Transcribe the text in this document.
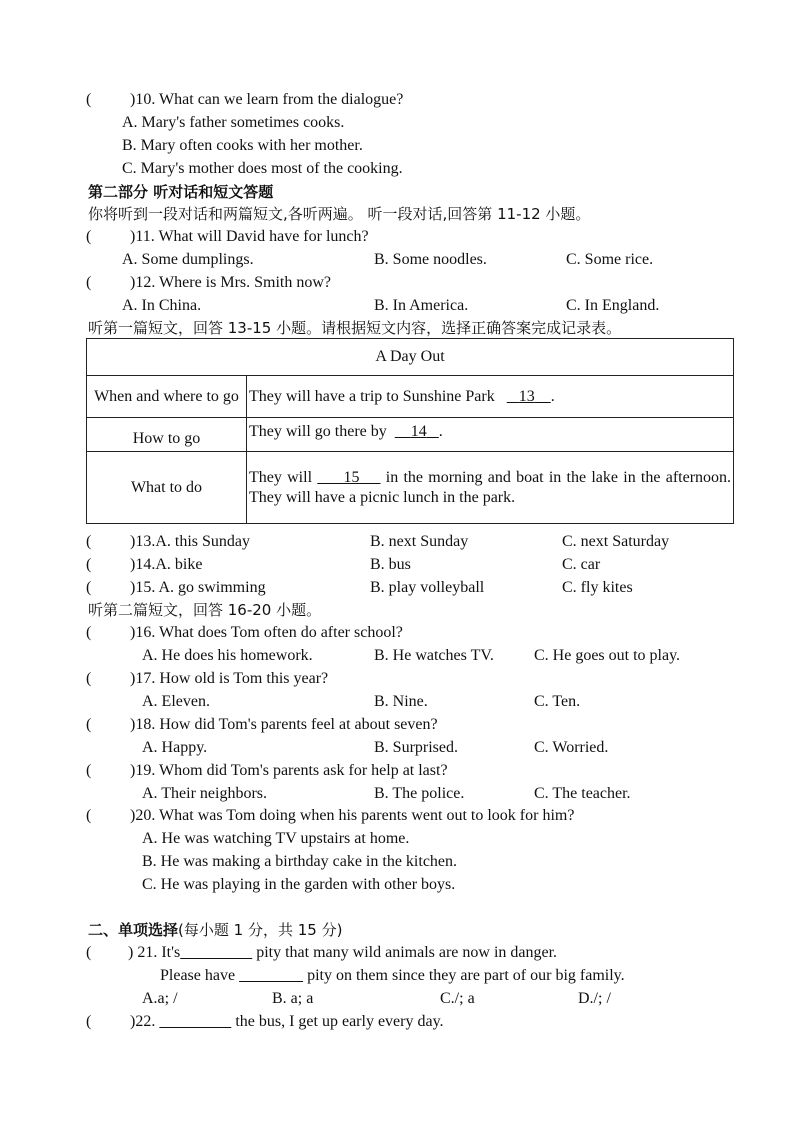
( )10. What can we learn from the dialogue?
A. Mary's father sometimes cooks.
B. Mary often cooks with her mother.
C. Mary's mother does most of the cooking.
第二部分 听对话和短文答题
你将听到一段对话和两篇短文,各听两遍。 听一段对话,回答第 11-12 小题。
( )11. What will David have for lunch?
A. Some dumplings.	B. Some noodles.	C. Some rice.
( )12. Where is Mrs. Smith now?
A. In China.	B. In America.	C. In England.
听第一篇短文，回答 13-15 小题。请根据短文内容，选择正确答案完成记录表。
A Day Out	
When and where to go	They will have a trip to Sunshine Park 13 .
How to go	They will go there by 14 .
What to do	They will 15 in the morning and boat in the lake in the afternoon.
They will have a picnic lunch in the park.
( )13.A. this Sunday	B. next Sunday	C. next Saturday
( )14.A. bike	B. bus	C. car
( )15. A. go swimming	B. play volleyball	C. fly kites
听第二篇短文，回答 16-20 小题。
( )16. What does Tom often do after school?
A. He does his homework.	B. He watches TV.	C. He goes out to play.
( )17. How old is Tom this year?
A. Eleven.	B. Nine.	C. Ten.
( )18. How did Tom's parents feel at about seven?
A. Happy.	B. Surprised.	C. Worried.
( )19. Whom did Tom's parents ask for help at last?
A. Their neighbors.	B. The police.	C. The teacher.
( )20. What was Tom doing when his parents went out to look for him?
A. He was watching TV upstairs at home.
B. He was making a birthday cake in the kitchen.
C. He was playing in the garden with other boys.
二、单项选择(每小题 1 分，共 15 分)
( ) 21. It's	pity that many wild animals are now in danger.
Please have	pity on them since they are part of our big family.
A.a; /	B. a; a	C./; a	D./; /
( )22.	the bus, I get up early every day.
